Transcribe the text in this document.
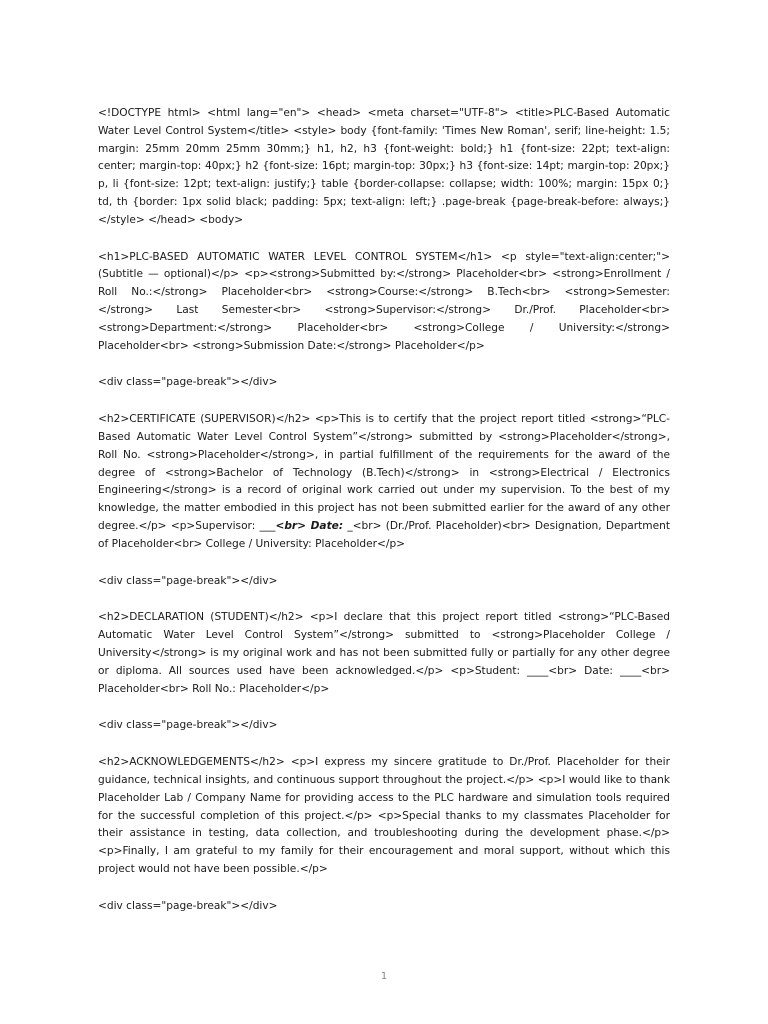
<!DOCTYPE html> <html lang="en"> <head> <meta charset="UTF-8"> <title>PLC-Based Automatic Water Level Control System</title> <style> body {font-family: 'Times New Roman', serif; line-height: 1.5; margin: 25mm 20mm 25mm 30mm;} h1, h2, h3 {font-weight: bold;} h1 {font-size: 22pt; text-align: center; margin-top: 40px;} h2 {font-size: 16pt; margin-top: 30px;} h3 {font-size: 14pt; margin-top: 20px;} p, li {font-size: 12pt; text-align: justify;} table {border-collapse: collapse; width: 100%; margin: 15px 0;} td, th {border: 1px solid black; padding: 5px; text-align: left;} .page-break {page-break-before: always;} </style> </head> <body>

<h1>PLC-BASED AUTOMATIC WATER LEVEL CONTROL SYSTEM</h1> <p style="text-align:center;">(Subtitle — optional)</p> <p><strong>Submitted by:</strong> Placeholder<br> <strong>Enrollment / Roll No.:</strong> Placeholder<br> <strong>Course:</strong> B.Tech<br> <strong>Semester:</strong> Last Semester<br> <strong>Supervisor:</strong> Dr./Prof. Placeholder<br> <strong>Department:</strong> Placeholder<br> <strong>College / University:</strong> Placeholder<br> <strong>Submission Date:</strong> Placeholder</p>

<div class="page-break"></div>

<h2>CERTIFICATE (SUPERVISOR)</h2> <p>This is to certify that the project report titled <strong>“PLC-Based Automatic Water Level Control System”</strong> submitted by <strong>Placeholder</strong>, Roll No. <strong>Placeholder</strong>, in partial fulfillment of the requirements for the award of the degree of <strong>Bachelor of Technology (B.Tech)</strong> in <strong>Electrical / Electronics Engineering</strong> is a record of original work carried out under my supervision. To the best of my knowledge, the matter embodied in this project has not been submitted earlier for the award of any other degree.</p> <p>Supervisor: ___<br> Date: _<br> (Dr./Prof. Placeholder)<br> Designation, Department of Placeholder<br> College / University: Placeholder</p>

<div class="page-break"></div>

<h2>DECLARATION (STUDENT)</h2> <p>I declare that this project report titled <strong>“PLC-Based Automatic Water Level Control System”</strong> submitted to <strong>Placeholder College / University</strong> is my original work and has not been submitted fully or partially for any other degree or diploma. All sources used have been acknowledged.</p> <p>Student: ____<br> Date: ____<br> Placeholder<br> Roll No.: Placeholder</p>

<div class="page-break"></div>

<h2>ACKNOWLEDGEMENTS</h2> <p>I express my sincere gratitude to Dr./Prof. Placeholder for their guidance, technical insights, and continuous support throughout the project.</p> <p>I would like to thank Placeholder Lab / Company Name for providing access to the PLC hardware and simulation tools required for the successful completion of this project.</p> <p>Special thanks to my classmates Placeholder for their assistance in testing, data collection, and troubleshooting during the development phase.</p> <p>Finally, I am grateful to my family for their encouragement and moral support, without which this project would not have been possible.</p>

<div class="page-break"></div>

1
